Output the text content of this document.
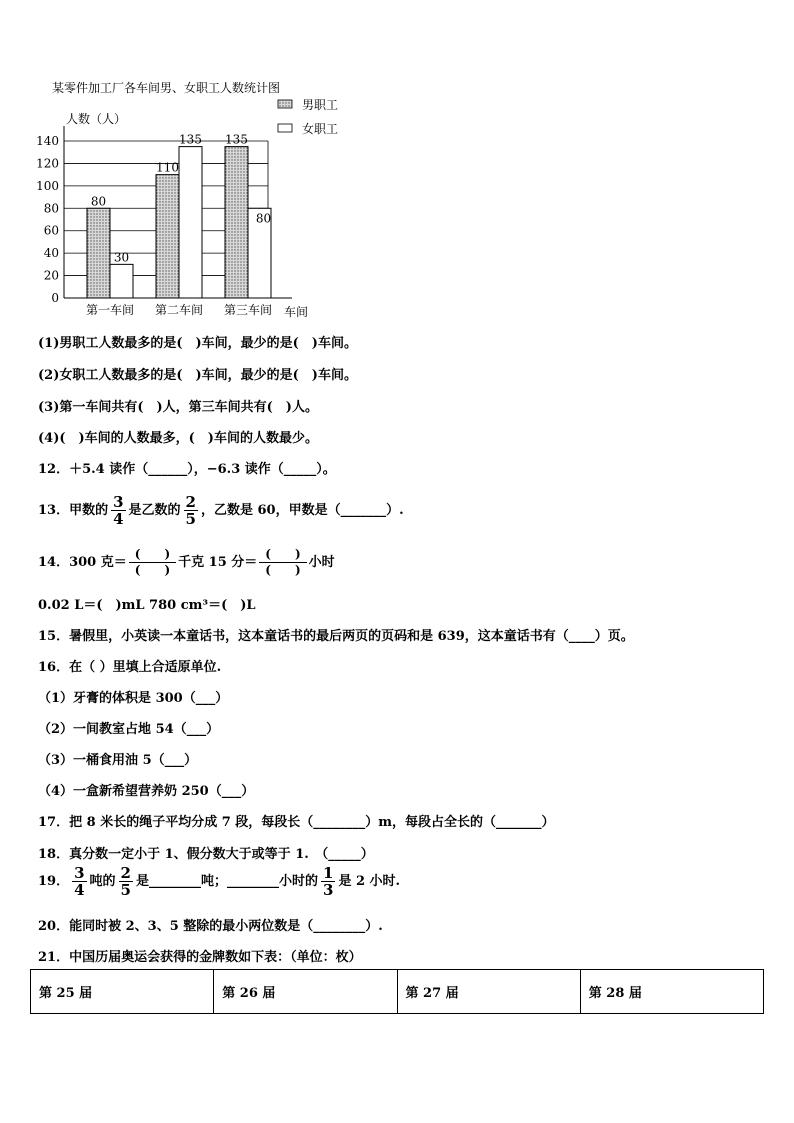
某零件加工厂各车间男、女职工人数统计图
人数（人）
0
20
40
60
80
100
120
140
车间
80
30
第一车间
110
135
第二车间
135
80
第三车间
男职工
女职工
(1)男职工人数最多的是(　)车间，最少的是(　)车间。
(2)女职工人数最多的是(　)车间，最少的是(　)车间。
(3)第一车间共有(　)人，第三车间共有(　)人。
(4)(　)车间的人数最多，(　)车间的人数最少。
12．＋5.4 读作（______），−6.3 读作（_____）。
13．甲数的 $\frac{3}{4}$ 是乙数的 $\frac{2}{5}$ ，乙数是 60，甲数是（_______）.
14．300 克＝ $\frac{( )}{( )}$ 千克 15 分＝ $\frac{( )}{( )}$ 小时
0.02 L＝(　)mL 780 cm³＝(　)L
15．暑假里，小英读一本童话书，这本童话书的最后两页的页码和是 639，这本童话书有（____）页。
16．在（ ）里填上合适原单位.
（1）牙膏的体积是 300（___）
（2）一间教室占地 54（___）
（3）一桶食用油 5（___）
（4）一盒新希望营养奶 250（___）
17．把 8 米长的绳子平均分成 7 段，每段长（________）m，每段占全长的（_______）
18．真分数一定小于 1、假分数大于或等于 1.　（_____）
19． $\frac{3}{4}$ 吨的 $\frac{2}{5}$ 是________吨；________小时的 $\frac{1}{3}$ 是 2 小时.
20．能同时被 2、3、5 整除的最小两位数是（________）.
21．中国历届奥运会获得的金牌数如下表：（单位：枚）
第 25 届	第 26 届	第 27 届	第 28 届
